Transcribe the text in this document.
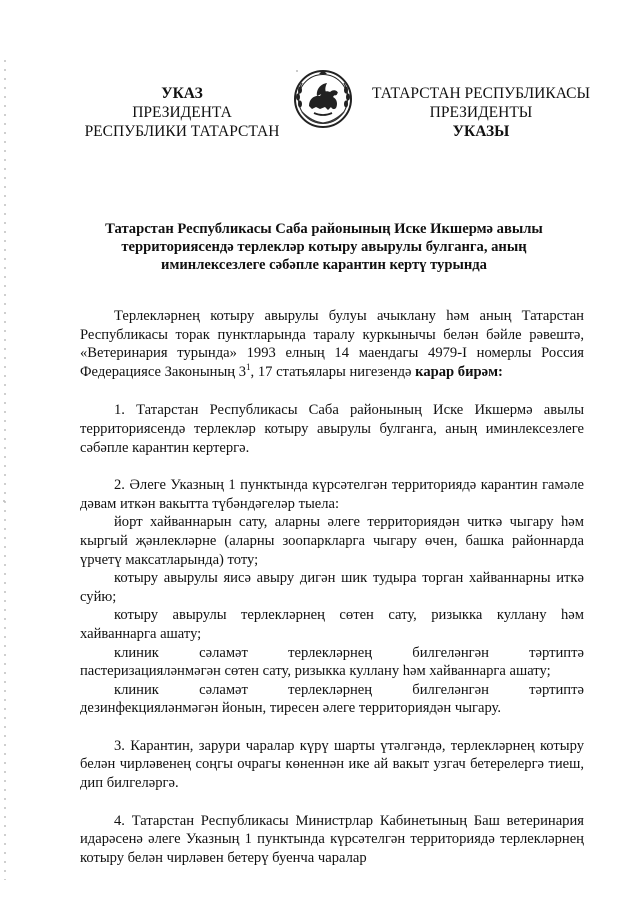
УКАЗ
ПРЕЗИДЕНТА
РЕСПУБЛИКИ ТАТАРСТАН
ТАТАРСТАН РЕСПУБЛИКАСЫ
ПРЕЗИДЕНТЫ
УКАЗЫ
Татарстан Республикасы Саба районының Иске Икшермә авылы
территориясендә терлекләр котыру авырулы булганга, аның
иминлексезлеге сәбәпле карантин кертү турында

Терлекләрнең котыру авырулы булуы ачыклану һәм аның Татарстан Республикасы торак пунктларында таралу куркынычы белән бәйле рәвештә, «Ветеринария турында» 1993 елның 14 маендагы 4979-I номерлы Россия Федерациясе Законының $3^1$, 17 статьялары нигезендә карар бирәм:

1. Татарстан Республикасы Саба районының Иске Икшермә авылы территориясендә терлекләр котыру авырулы булганга, аның иминлексезлеге сәбәпле карантин кертергә.

2. Әлеге Указның 1 пунктында күрсәтелгән территориядә карантин гамәле дәвам иткән вакытта түбәндәгеләр тыела:

йорт хайваннарын сату, аларны әлеге территориядән читкә чыгару һәм кыргый җәнлекләрне (аларны зоопаркларга чыгару өчен, башка районнарда үрчетү максатларында) тоту;

котыру авырулы яисә авыру дигән шик тудыра торган хайваннарны иткә суйю;

котыру авырулы терлекләрнең сөтен сату, ризыкка куллану һәм хайваннарга ашату;

клиник	сәламәт	терлекләрнең	билгеләнгән	тәртиптә

пастеризацияләнмәгән сөтен сату, ризыкка куллану һәм хайваннарга ашату;

клиник	сәламәт	терлекләрнең	билгеләнгән	тәртиптә

дезинфекцияләнмәгән йонын, тиресен әлеге территориядән чыгару.

3. Карантин, зарури чаралар күрү шарты үтәлгәндә, терлекләрнең котыру белән чирләвенең соңгы очрагы көненнән ике ай вакыт узгач бетерелергә тиеш, дип билгеләргә.

4. Татарстан Республикасы Министрлар Кабинетының Баш ветеринария идарәсенә әлеге Указның 1 пунктында күрсәтелгән территориядә терлекләрнең котыру белән чирләвен бетерү буенча чаралар
